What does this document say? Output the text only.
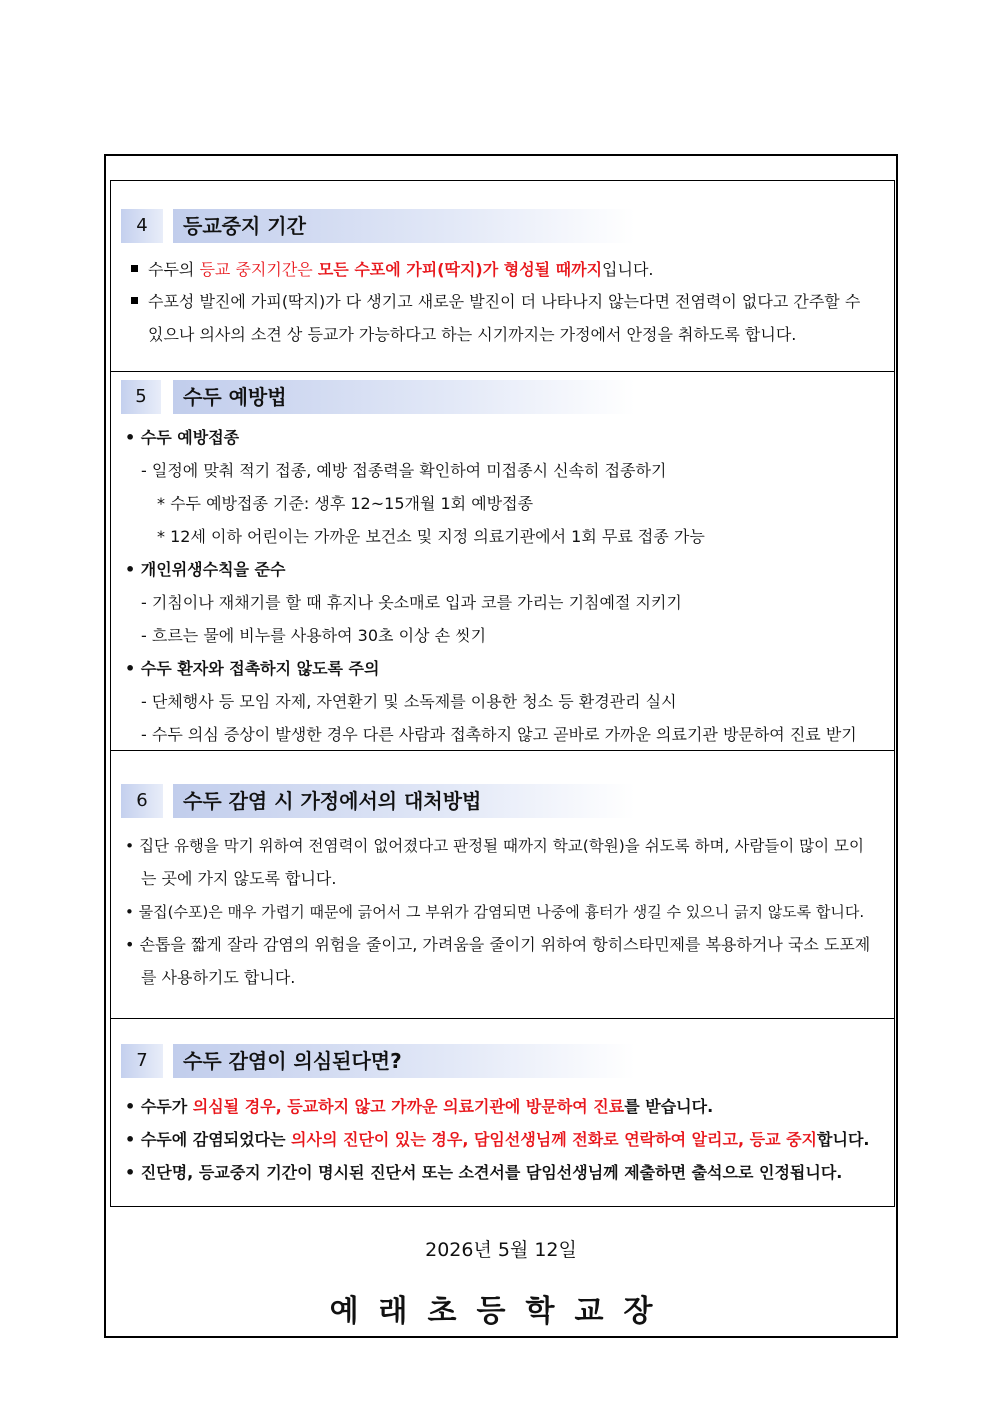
4	등교중지 기간
수두의 등교 중지기간은 모든 수포에 가피(딱지)가 형성될 때까지입니다.
수포성 발진에 가피(딱지)가 다 생기고 새로운 발진이 더 나타나지 않는다면 전염력이 없다고 간주할 수
있으나 의사의 소견 상 등교가 가능하다고 하는 시기까지는 가정에서 안정을 취하도록 합니다.
5	수두 예방법
• 수두 예방접종
- 일정에 맞춰 적기 접종, 예방 접종력을 확인하여 미접종시 신속히 접종하기
* 수두 예방접종 기준: 생후 12~15개월 1회 예방접종
* 12세 이하 어린이는 가까운 보건소 및 지정 의료기관에서 1회 무료 접종 가능
• 개인위생수칙을 준수
- 기침이나 재채기를 할 때 휴지나 옷소매로 입과 코를 가리는 기침예절 지키기
- 흐르는 물에 비누를 사용하여 30초 이상 손 씻기
• 수두 환자와 접촉하지 않도록 주의
- 단체행사 등 모임 자제, 자연환기 및 소독제를 이용한 청소 등 환경관리 실시
- 수두 의심 증상이 발생한 경우 다른 사람과 접촉하지 않고 곧바로 가까운 의료기관 방문하여 진료 받기
6	수두 감염 시 가정에서의 대처방법
• 집단 유행을 막기 위하여 전염력이 없어졌다고 판정될 때까지 학교(학원)을 쉬도록 하며, 사람들이 많이 모이
는 곳에 가지 않도록 합니다.
• 물집(수포)은 매우 가렵기 때문에 긁어서 그 부위가 감염되면 나중에 흉터가 생길 수 있으니 긁지 않도록 합니다.
• 손톱을 짧게 잘라 감염의 위험을 줄이고, 가려움을 줄이기 위하여 항히스타민제를 복용하거나 국소 도포제
를 사용하기도 합니다.
7	수두 감염이 의심된다면?
• 수두가 의심될 경우, 등교하지 않고 가까운 의료기관에 방문하여 진료를 받습니다.
• 수두에 감염되었다는 의사의 진단이 있는 경우, 담임선생님께 전화로 연락하여 알리고, 등교 중지합니다.
• 진단명, 등교중지 기간이 명시된 진단서 또는 소견서를 담임선생님께 제출하면 출석으로 인정됩니다.
2026년 5월 12일
예래초등학교장
